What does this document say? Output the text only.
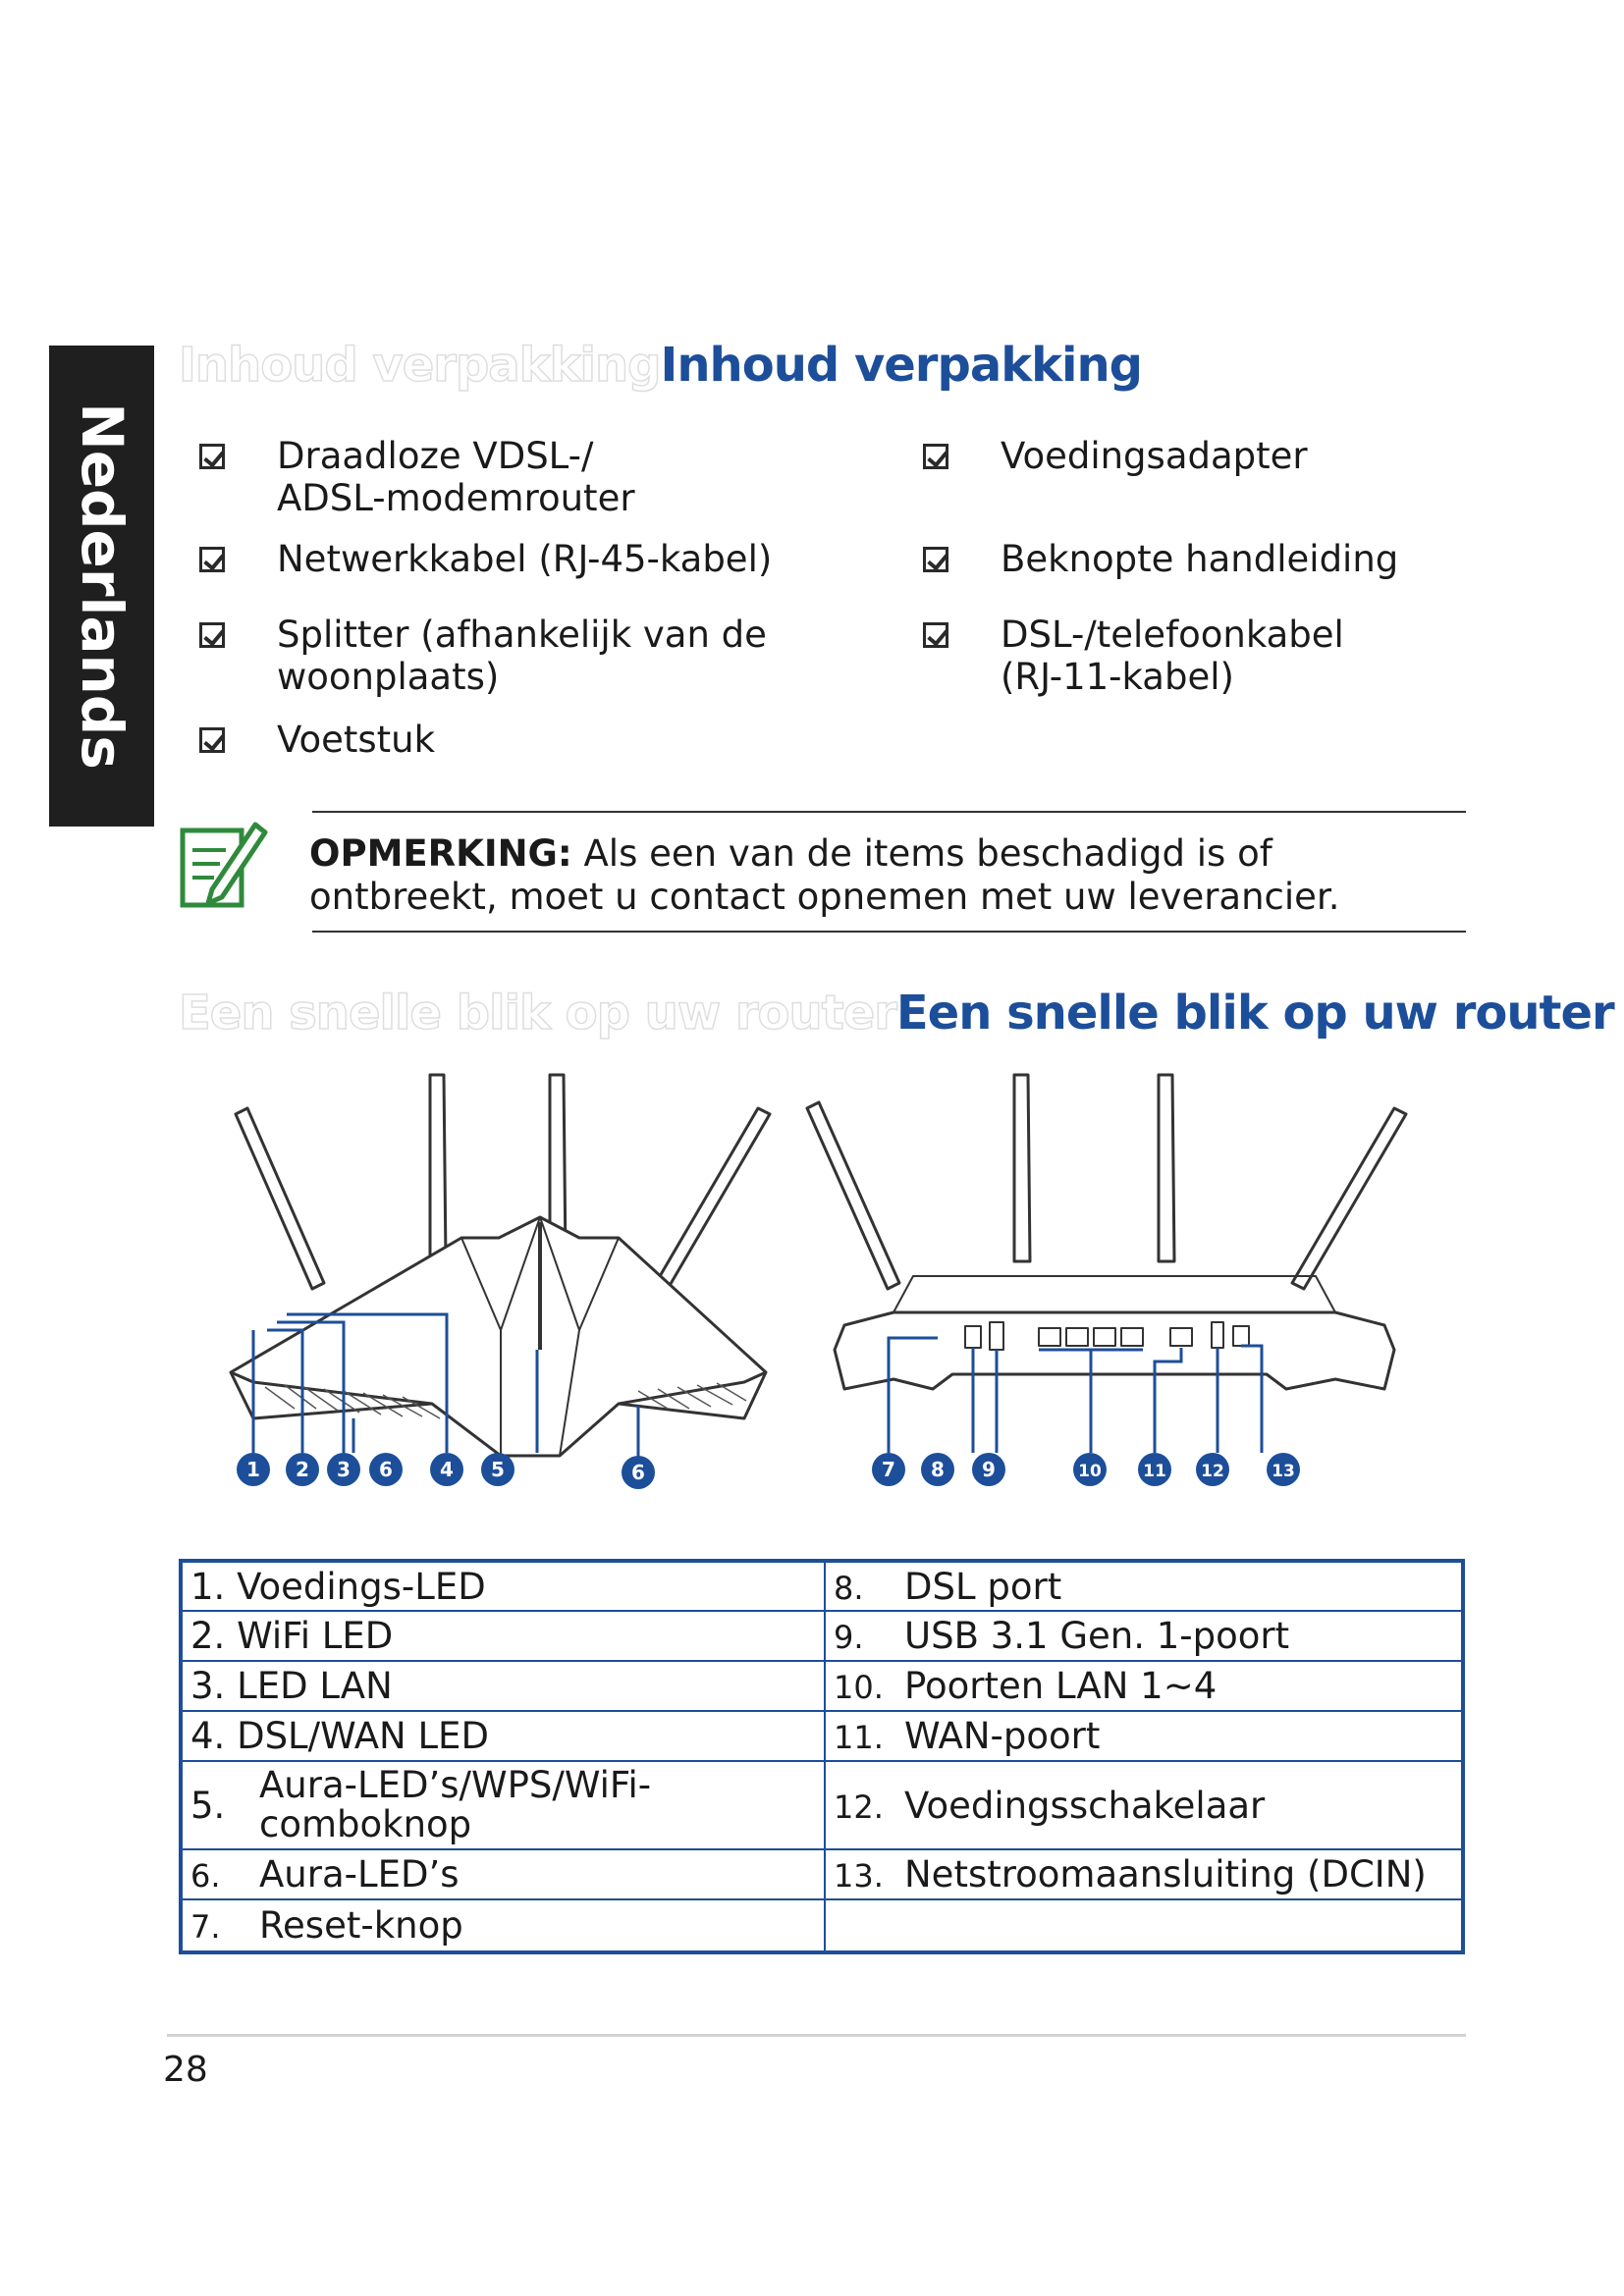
Nederlands
Inhoud verpakkingInhoud verpakking
Draadloze VDSL-/
ADSL-modemrouter
Netwerkkabel (RJ-45-kabel)
Splitter (afhankelijk van de
woonplaats)
Voetstuk
Voedingsadapter
Beknopte handleiding
DSL-/telefoonkabel
(RJ-11-kabel)
OPMERKING: Als een van de items beschadigd is of ontbreekt, moet u contact opnemen met uw leverancier.
Een snelle blik op uw routerEen snelle blik op uw router
1 2 3 6 4 5	6	7 8 9	10 11 12	13
1. Voedings-LED	8. DSL port
2. WiFi LED	9. USB 3.1 Gen. 1-poort
3. LED LAN	10. Poorten LAN 1~4
4. DSL/WAN LED	11. WAN-poort

5. Aura-LED’s/WPS/WiFi-
comboknop	12. Voedingsschakelaar
6. Aura-LED’s	13. Netstroomaansluiting (DCIN)
7. Reset-knop	
28
